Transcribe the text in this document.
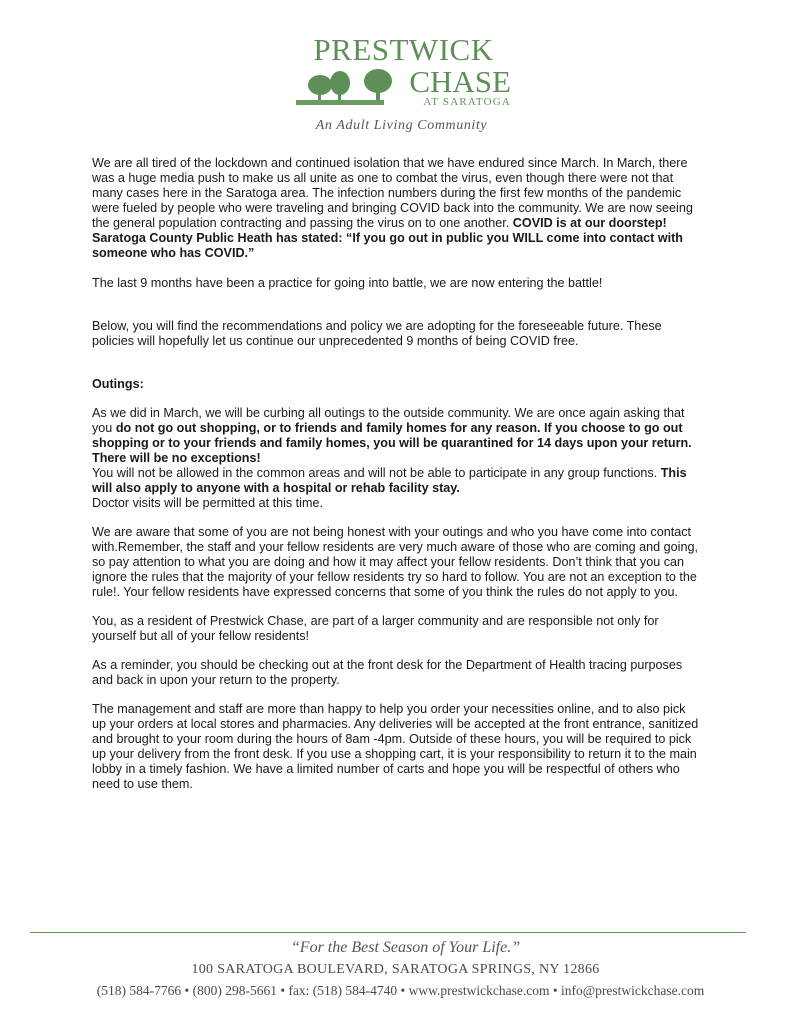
PRESTWICK
CHASE
AT SARATOGA
An Adult Living Community

We are all tired of the lockdown and continued isolation that we have endured since March. In March, there was a huge media push to make us all unite as one to combat the virus, even though there were not that many cases here in the Saratoga area. The infection numbers during the first few months of the pandemic were fueled by people who were traveling and bringing COVID back into the community. We are now seeing the general population contracting and passing the virus on to one another. COVID is at our doorstep! Saratoga County Public Heath has stated: “If you go out in public you WILL come into contact with someone who has COVID.”

The last 9 months have been a practice for going into battle, we are now entering the battle!

Below, you will find the recommendations and policy we are adopting for the foreseeable future. These policies will hopefully let us continue our unprecedented 9 months of being COVID free.

Outings:

As we did in March, we will be curbing all outings to the outside community. We are once again asking that you do not go out shopping, or to friends and family homes for any reason. If you choose to go out shopping or to your friends and family homes, you will be quarantined for 14 days upon your return. There will be no exceptions!
You will not be allowed in the common areas and will not be able to participate in any group functions. This will also apply to anyone with a hospital or rehab facility stay.
Doctor visits will be permitted at this time.

We are aware that some of you are not being honest with your outings and who you have come into contact with.Remember, the staff and your fellow residents are very much aware of those who are coming and going, so pay attention to what you are doing and how it may affect your fellow residents. Don’t think that you can ignore the rules that the majority of your fellow residents try so hard to follow. You are not an exception to the rule!. Your fellow residents have expressed concerns that some of you think the rules do not apply to you.

You, as a resident of Prestwick Chase, are part of a larger community and are responsible not only for yourself but all of your fellow residents!

As a reminder, you should be checking out at the front desk for the Department of Health tracing purposes and back in upon your return to the property.

The management and staff are more than happy to help you order your necessities online, and to also pick up your orders at local stores and pharmacies. Any deliveries will be accepted at the front entrance, sanitized and brought to your room during the hours of 8am -4pm. Outside of these hours, you will be required to pick up your delivery from the front desk. If you use a shopping cart, it is your responsibility to return it to the main lobby in a timely fashion. We have a limited number of carts and hope you will be respectful of others who need to use them.

“For the Best Season of Your Life.”
100 SARATOGA BOULEVARD, SARATOGA SPRINGS, NY 12866
(518) 584-7766 • (800) 298-5661 • fax: (518) 584-4740 • www.prestwickchase.com • info@prestwickchase.com
